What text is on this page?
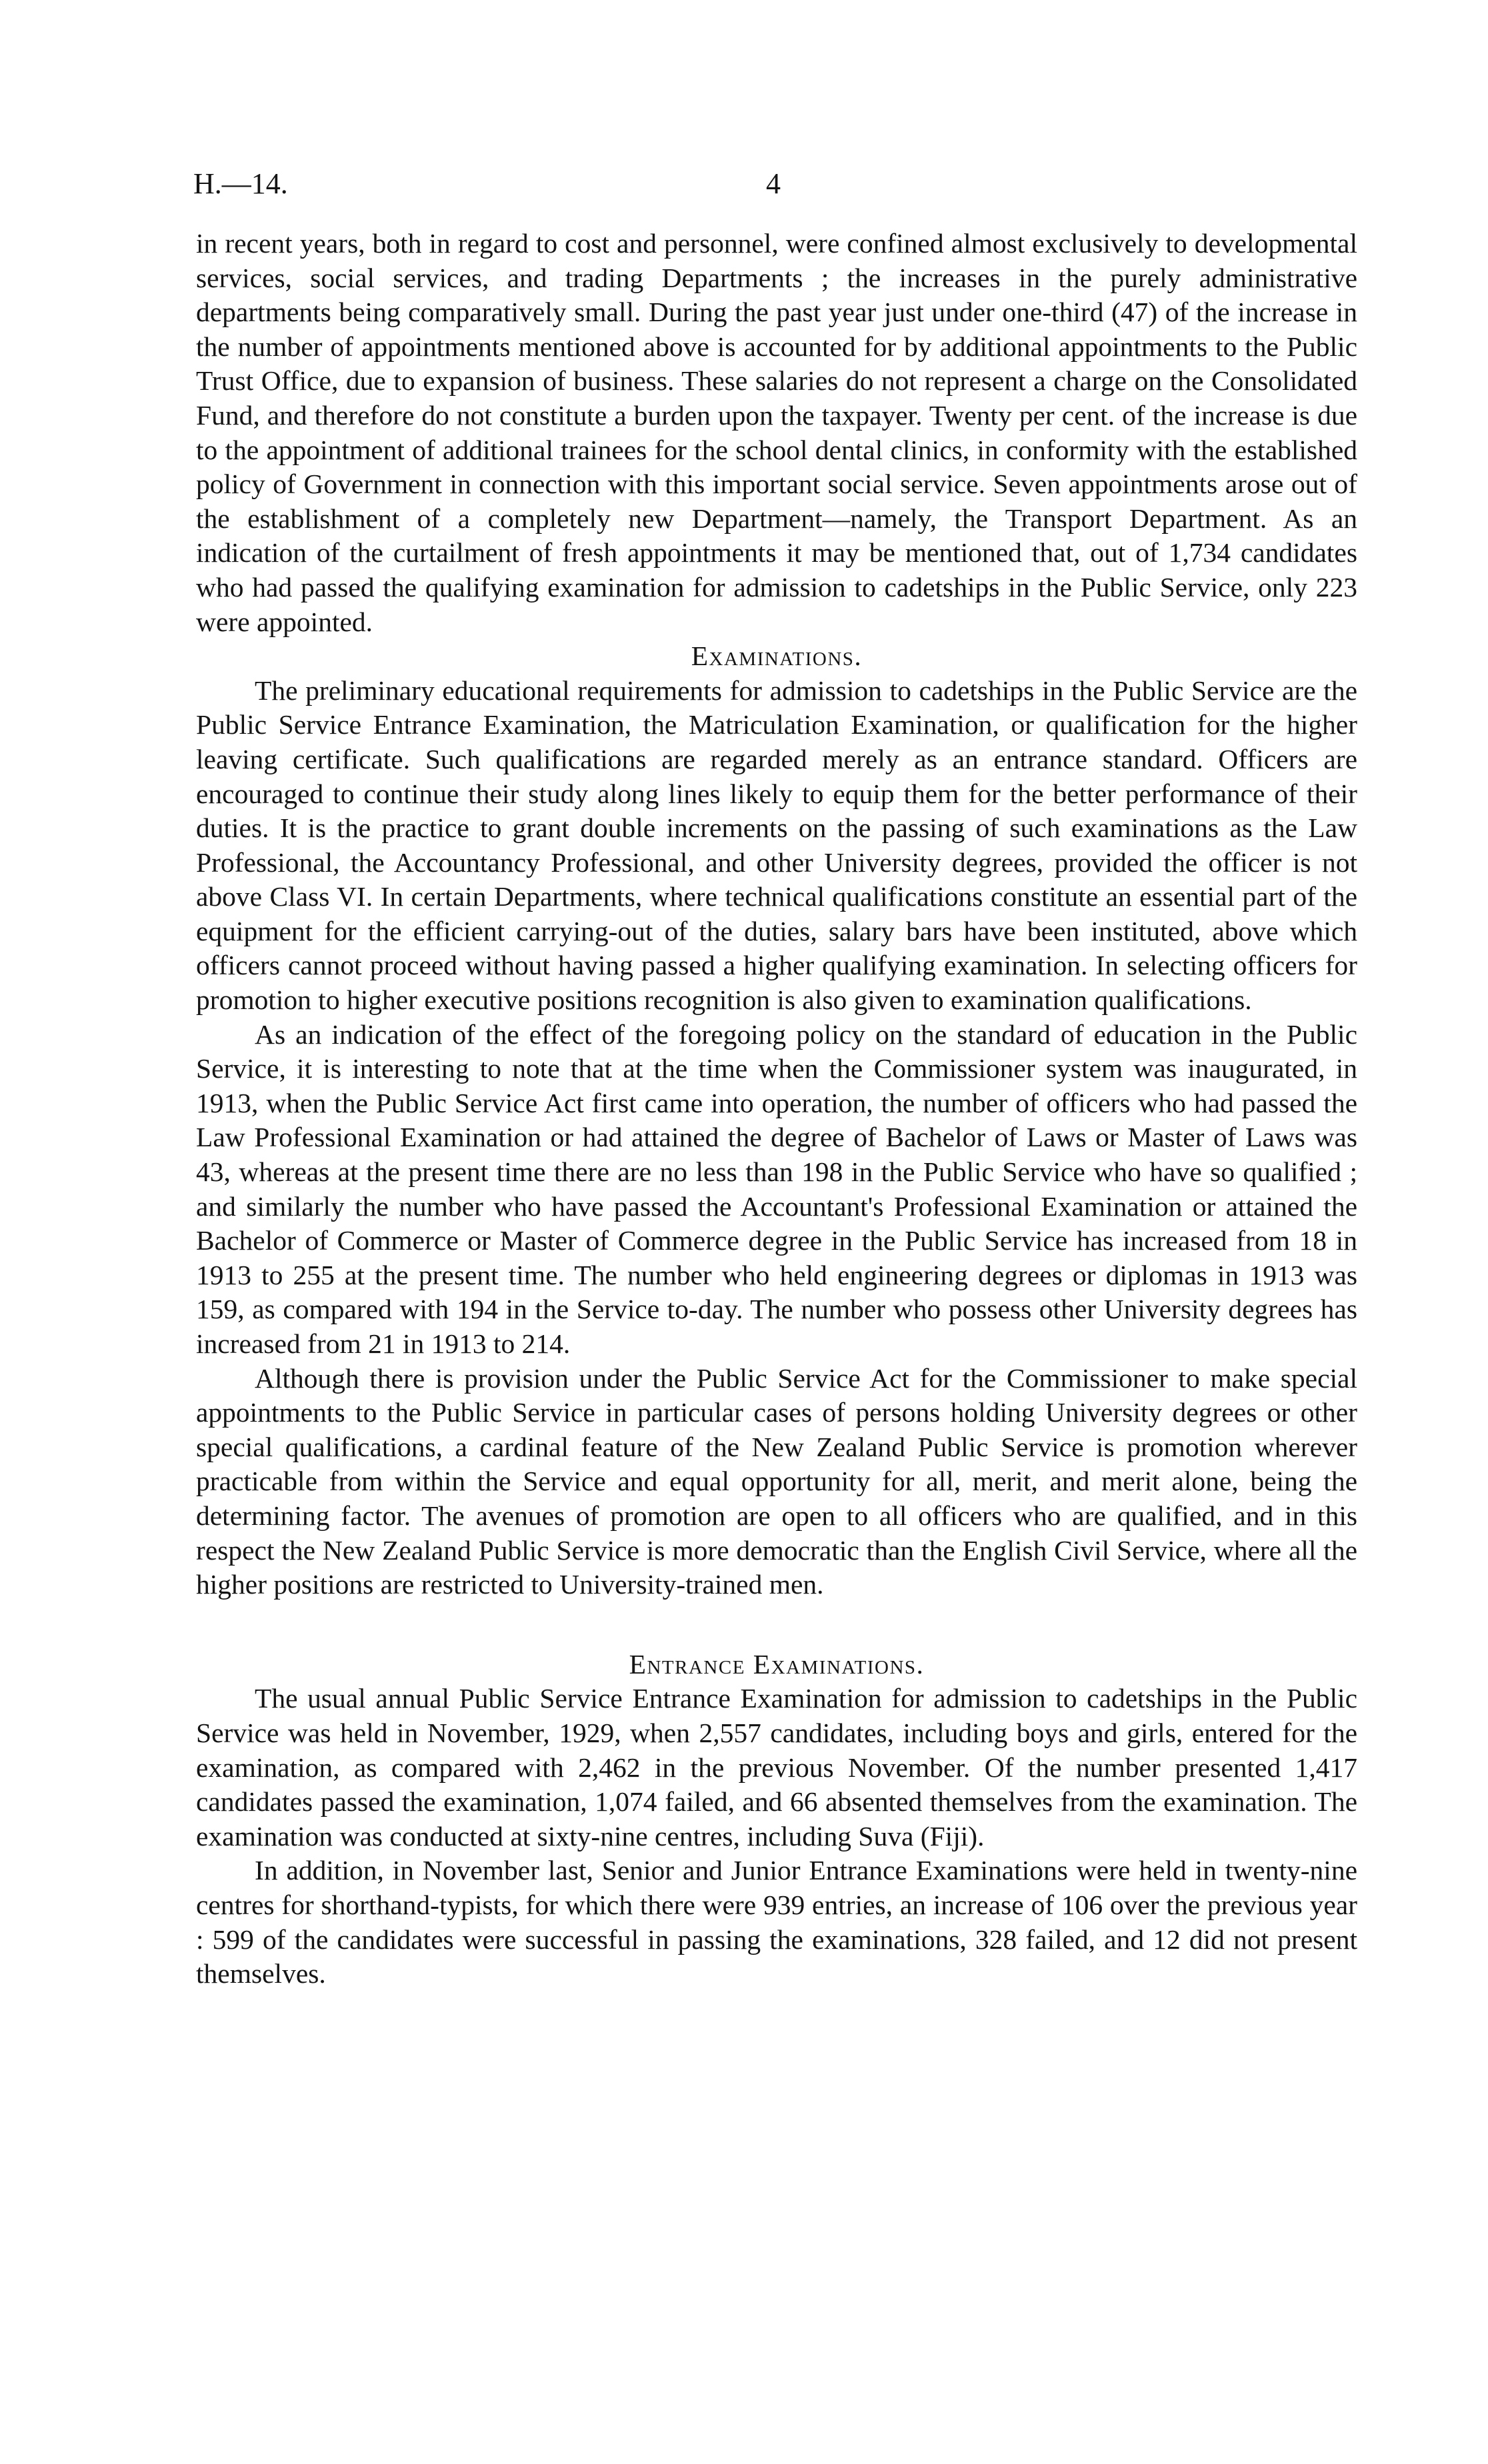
H.—14.	4

in recent years, both in regard to cost and personnel, were confined almost exclusively to developmental services, social services, and trading Departments ; the increases in the purely administrative departments being comparatively small. During the past year just under one-third (47) of the increase in the number of appointments mentioned above is accounted for by additional appointments to the Public Trust Office, due to expansion of business. These salaries do not represent a charge on the Consolidated Fund, and therefore do not constitute a burden upon the taxpayer. Twenty per cent. of the increase is due to the appointment of additional trainees for the school dental clinics, in conformity with the established policy of Government in connection with this important social service. Seven appointments arose out of the establishment of a completely new Department—namely, the Transport Department. As an indication of the curtailment of fresh appointments it may be mentioned that, out of 1,734 candidates who had passed the qualifying examination for admission to cadetships in the Public Service, only 223 were appointed.

Examinations.

The preliminary educational requirements for admission to cadetships in the Public Service are the Public Service Entrance Examination, the Matriculation Examination, or qualification for the higher leaving certificate. Such qualifications are regarded merely as an entrance standard. Officers are encouraged to continue their study along lines likely to equip them for the better performance of their duties. It is the practice to grant double increments on the passing of such examinations as the Law Professional, the Accountancy Professional, and other University degrees, provided the officer is not above Class VI. In certain Departments, where technical qualifications constitute an essential part of the equipment for the efficient carrying-out of the duties, salary bars have been instituted, above which officers cannot proceed without having passed a higher qualifying examination. In selecting officers for promotion to higher executive positions recognition is also given to examination qualifications.

As an indication of the effect of the foregoing policy on the standard of education in the Public Service, it is interesting to note that at the time when the Commissioner system was inaugurated, in 1913, when the Public Service Act first came into operation, the number of officers who had passed the Law Professional Examination or had attained the degree of Bachelor of Laws or Master of Laws was 43, whereas at the present time there are no less than 198 in the Public Service who have so qualified ; and similarly the number who have passed the Accountant's Professional Examination or attained the Bachelor of Commerce or Master of Commerce degree in the Public Service has increased from 18 in 1913 to 255 at the present time. The number who held engineering degrees or diplomas in 1913 was 159, as compared with 194 in the Service to-day. The number who possess other University degrees has increased from 21 in 1913 to 214.

Although there is provision under the Public Service Act for the Commissioner to make special appointments to the Public Service in particular cases of persons holding University degrees or other special qualifications, a cardinal feature of the New Zealand Public Service is promotion wherever practicable from within the Service and equal opportunity for all, merit, and merit alone, being the determining factor. The avenues of promotion are open to all officers who are qualified, and in this respect the New Zealand Public Service is more democratic than the English Civil Service, where all the higher positions are restricted to University-trained men.

Entrance Examinations.

The usual annual Public Service Entrance Examination for admission to cadetships in the Public Service was held in November, 1929, when 2,557 candidates, including boys and girls, entered for the examination, as compared with 2,462 in the previous November. Of the number presented 1,417 candidates passed the examination, 1,074 failed, and 66 absented themselves from the examination. The examination was conducted at sixty-nine centres, including Suva (Fiji).

In addition, in November last, Senior and Junior Entrance Examinations were held in twenty-nine centres for shorthand-typists, for which there were 939 entries, an increase of 106 over the previous year : 599 of the candidates were successful in passing the examinations, 328 failed, and 12 did not present themselves.
